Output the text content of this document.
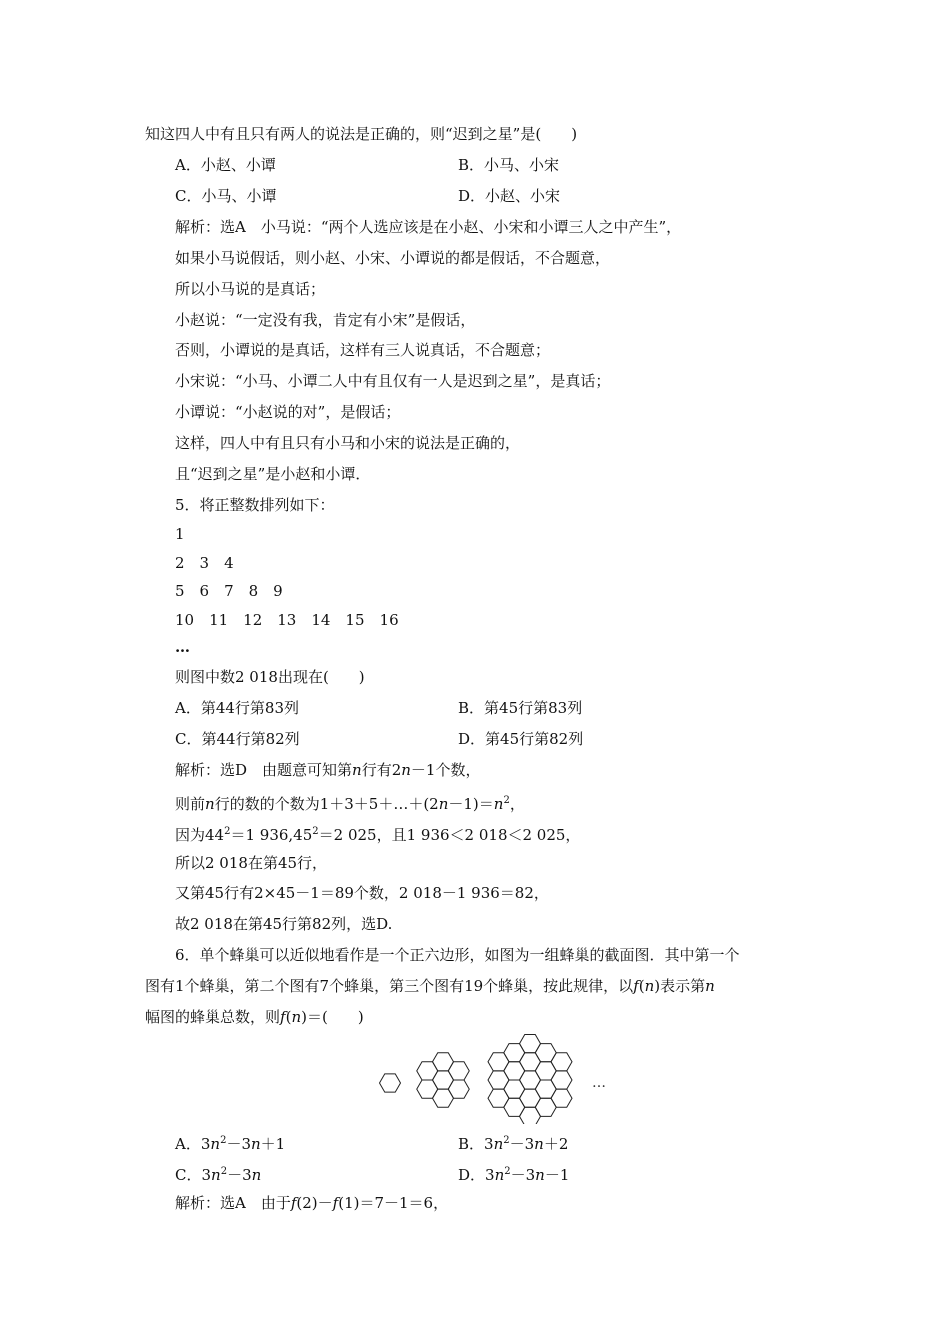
知这四人中有且只有两人的说法是正确的，则“迟到之星”是(　　)
A．小赵、小谭	B．小马、小宋
C．小马、小谭	D．小赵、小宋
解析：选A　小马说：“两个人选应该是在小赵、小宋和小谭三人之中产生”，
如果小马说假话，则小赵、小宋、小谭说的都是假话，不合题意，
所以小马说的是真话；
小赵说：“一定没有我，肯定有小宋”是假话，
否则，小谭说的是真话，这样有三人说真话，不合题意；
小宋说：“小马、小谭二人中有且仅有一人是迟到之星”，是真话；
小谭说：“小赵说的对”，是假话；
这样，四人中有且只有小马和小宋的说法是正确的，
且“迟到之星”是小赵和小谭．
5．将正整数排列如下：
1
2　3　4
5　6　7　8　9
10　11　12　13　14　15　16
…
则图中数2 018出现在(　　)
A．第44行第83列	B．第45行第83列
C．第44行第82列	D．第45行第82列
解析：选D　由题意可知第n行有2n－1个数，
则前n行的数的个数为$1+3+5+\dots+(2n-1)=n^2$，
因为$44^2=1$ $936,45^2=2$ 025，且1 936＜2 018＜2 025，
所以2 018在第45行，
又第45行有2×45－1＝89个数，2 018－1 936＝82，
故2 018在第45行第82列，选D.
6．单个蜂巢可以近似地看作是一个正六边形，如图为一组蜂巢的截面图．其中第一个
图有1个蜂巢，第二个图有7个蜂巢，第三个图有19个蜂巢，按此规律，以f(n)表示第n
幅图的蜂巢总数，则f(n)＝(　　)
…
A．$3n^2-3n+1$	B．$3n^2-3n+2$
C．$3n^2-3n$	D．$3n^2-3n-1$
解析：选A　由于f(2)－f(1)＝7－1＝6，
